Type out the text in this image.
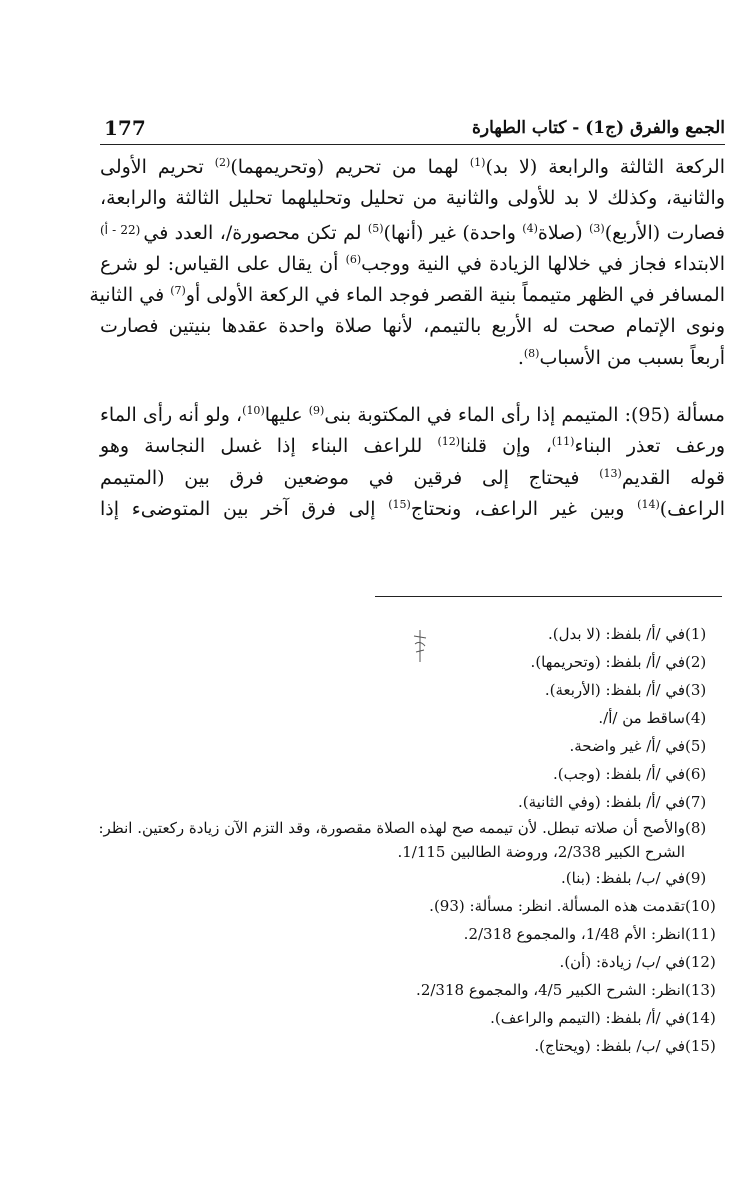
177	الجمع والفرق (ج1) - كتاب الطهارة

الركعة الثالثة والرابعة (لا بد)$^{(1)}$ لهما من تحريم (وتحريمهما)$^{(2)}$ تحريم الأولى
والثانية، وكذلك لا بد للأولى والثانية من تحليل وتحليلهما تحليل الثالثة والرابعة،
فصارت (الأربع)$^{(3)}$ (صلاة$^{(4)}$ واحدة) غير (أنها)$^{(5)}$ لم تكن محصورة/، العدد في$^{(22 - أ)}$
الابتداء فجاز في خلالها الزيادة في النية ووجب$^{(6)}$ أن يقال على القياس: لو شرع
المسافر في الظهر متيمماً بنية القصر فوجد الماء في الركعة الأولى أو$^{(7)}$ في الثانية
ونوى الإتمام صحت له الأربع بالتيمم، لأنها صلاة واحدة عقدها بنيتين فصارت
أربعاً بسبب من الأسباب$^{(8)}$.

مسألة (95): المتيمم إذا رأى الماء في المكتوبة بنى$^{(9)}$ عليها$^{(10)}$، ولو أنه رأى الماء
ورعف تعذر البناء$^{(11)}$، وإن قلنا$^{(12)}$ للراعف البناء إذا غسل النجاسة وهو
قوله القديم$^{(13)}$ فيحتاج إلى فرقين في موضعين فرق بين (المتيمم
الراعف)$^{(14)}$ وبين غير الراعف، ونحتاج$^{(15)}$ إلى فرق آخر بين المتوضىء إذا

(1)
في /أ/ بلفظ: (لا بدل).
(2)
في /أ/ بلفظ: (وتحريمها).
(3)
في /أ/ بلفظ: (الأربعة).
(4)
ساقط من /أ/.
(5)
في /أ/ غير واضحة.
(6)
في /أ/ بلفظ: (وجب).
(7)
في /أ/ بلفظ: (وفي الثانية).
(8)
والأصح أن صلاته تبطل. لأن تيممه صح لهذه الصلاة مقصورة، وقد التزم الآن زيادة ركعتين. انظر: الشرح الكبير 2/338، وروضة الطالبين 1/115.
(9)
في /ب/ بلفظ: (بنا).
(10)
تقدمت هذه المسألة. انظر: مسألة: (93).
(11)
انظر: الأم 1/48، والمجموع 2/318.
(12)
في /ب/ زيادة: (أن).
(13)
انظر: الشرح الكبير 4/5، والمجموع 2/318.
(14)
في /أ/ بلفظ: (التيمم والراعف).
(15)
في /ب/ بلفظ: (ويحتاج).
